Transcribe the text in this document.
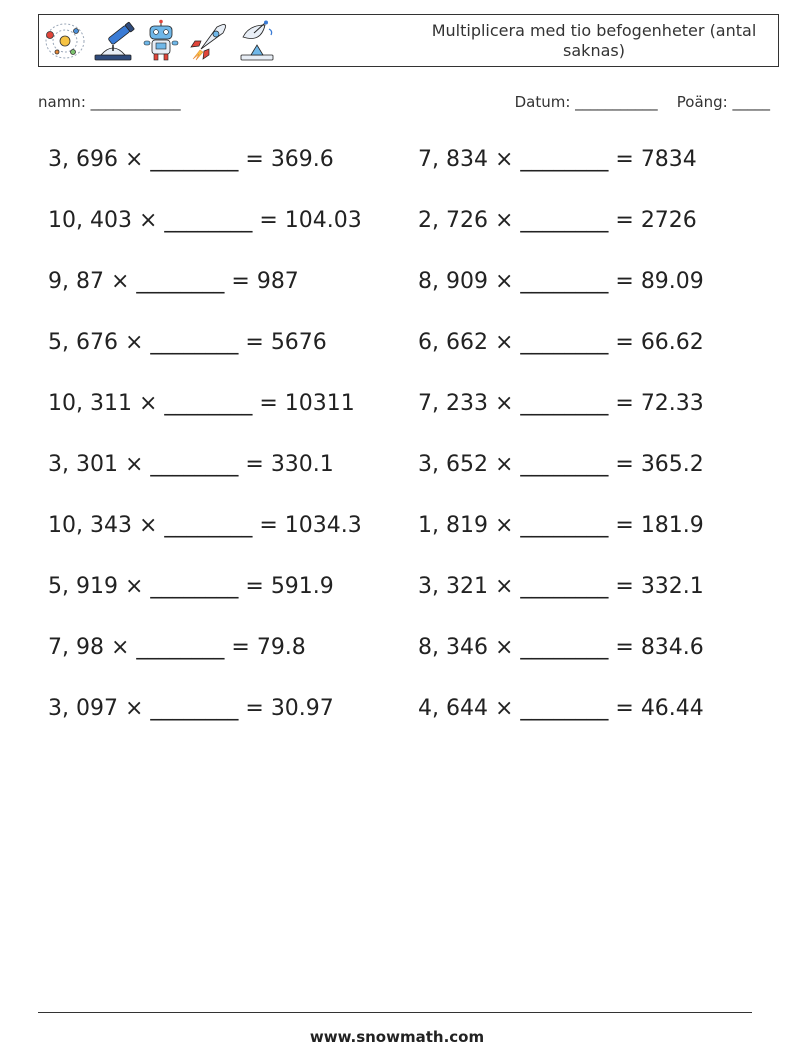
Multiplicera med tio befogenheter (antal saknas)
namn: ____________	Datum: ___________ Poäng: _____
3, 696 × ________ = 369.6	7, 834 × ________ = 7834
10, 403 × ________ = 104.03	2, 726 × ________ = 2726
9, 87 × ________ = 987	8, 909 × ________ = 89.09
5, 676 × ________ = 5676	6, 662 × ________ = 66.62
10, 311 × ________ = 10311	7, 233 × ________ = 72.33
3, 301 × ________ = 330.1	3, 652 × ________ = 365.2
10, 343 × ________ = 1034.3	1, 819 × ________ = 181.9
5, 919 × ________ = 591.9	3, 321 × ________ = 332.1
7, 98 × ________ = 79.8	8, 346 × ________ = 834.6
3, 097 × ________ = 30.97	4, 644 × ________ = 46.44
www.snowmath.com
